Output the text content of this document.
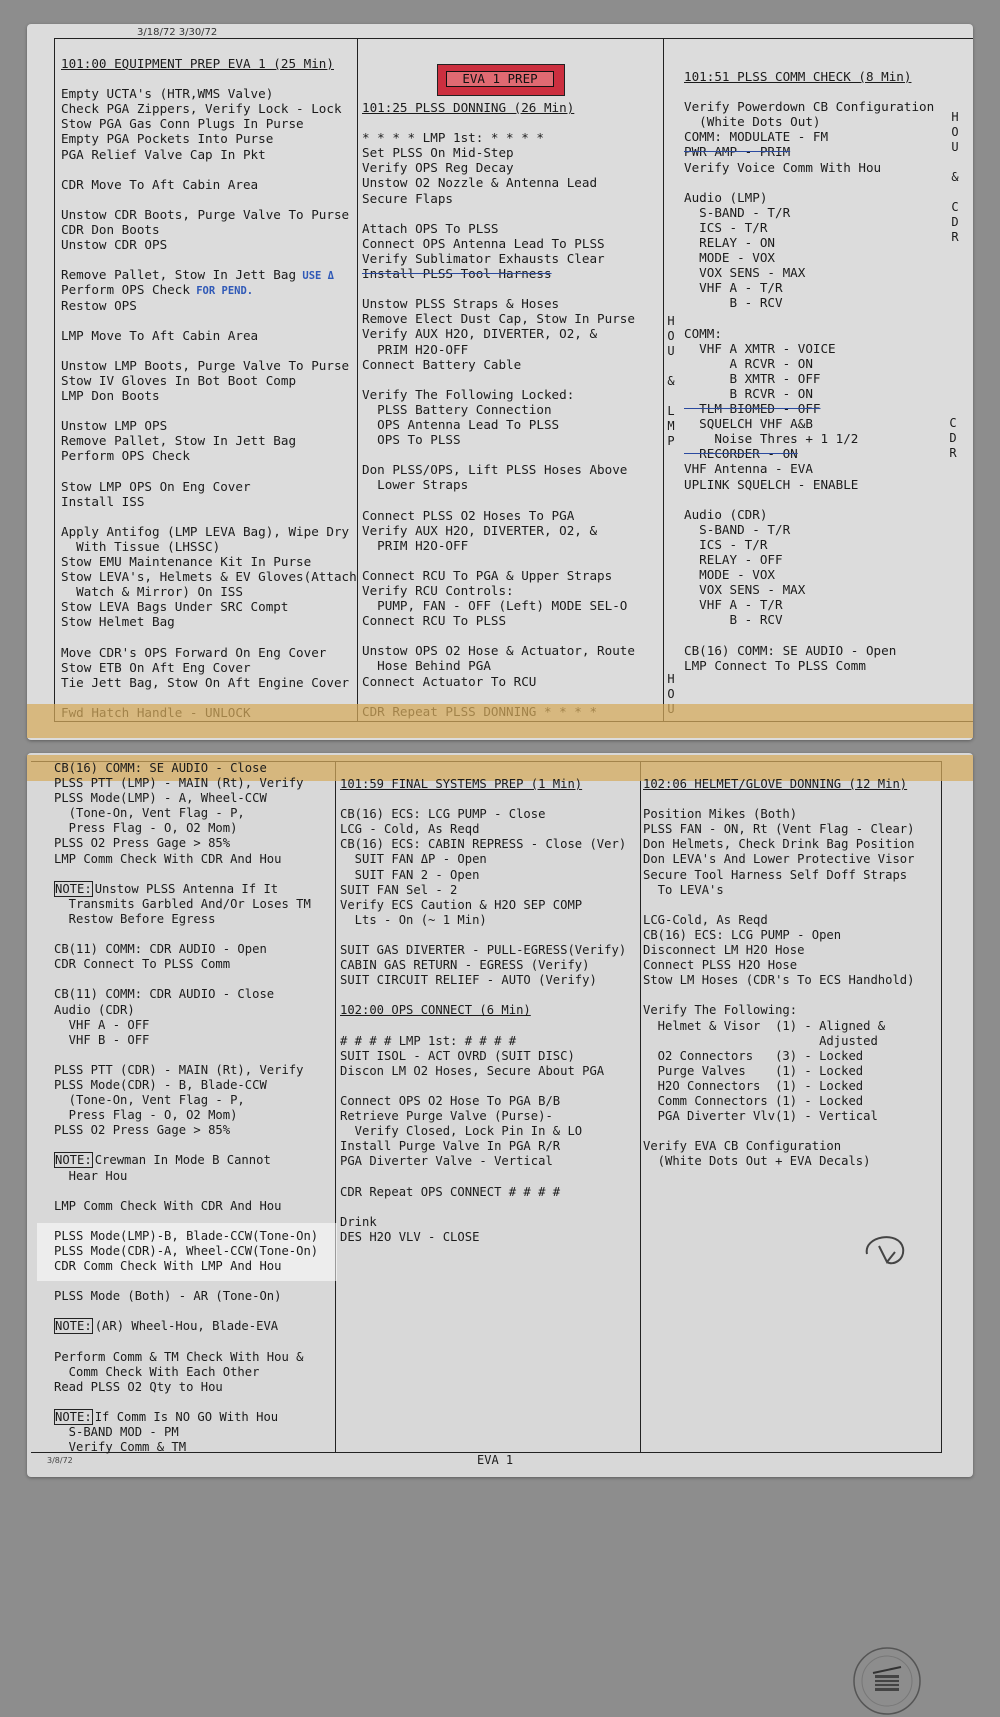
3/18/72 3/30/72
EVA 1 PREP
101:00 EQUIPMENT PREP EVA 1 (25 Min)
Empty UCTA's (HTR,WMS Valve)
Check PGA Zippers, Verify Lock - Lock
Stow PGA Gas Conn Plugs In Purse
Empty PGA Pockets Into Purse
PGA Relief Valve Cap In Pkt
CDR Move To Aft Cabin Area
Unstow CDR Boots, Purge Valve To Purse
CDR Don Boots
Unstow CDR OPS
Remove Pallet, Stow In Jett Bag USE Δ
Perform OPS Check FOR PEND.
Restow OPS
LMP Move To Aft Cabin Area
Unstow LMP Boots, Purge Valve To Purse
Stow IV Gloves In Bot Boot Comp
LMP Don Boots
Unstow LMP OPS
Remove Pallet, Stow In Jett Bag
Perform OPS Check
Stow LMP OPS On Eng Cover
Install ISS
Apply Antifog (LMP LEVA Bag), Wipe Dry
With Tissue (LHSSC)
Stow EMU Maintenance Kit In Purse
Stow LEVA's, Helmets & EV Gloves(Attach
Watch & Mirror) On ISS
Stow LEVA Bags Under SRC Compt
Stow Helmet Bag
Move CDR's OPS Forward On Eng Cover
Stow ETB On Aft Eng Cover
Tie Jett Bag, Stow On Aft Engine Cover
101:25 PLSS DONNING (26 Min)
* * * * LMP 1st: * * * *
Set PLSS On Mid-Step
Verify OPS Reg Decay
Unstow O2 Nozzle & Antenna Lead
Secure Flaps
Attach OPS To PLSS
Connect OPS Antenna Lead To PLSS
Verify Sublimator Exhausts Clear
Install PLSS Tool Harness
Unstow PLSS Straps & Hoses
Remove Elect Dust Cap, Stow In Purse
Verify AUX H2O, DIVERTER, O2, &
PRIM H2O-OFF
Connect Battery Cable
Verify The Following Locked:
PLSS Battery Connection
OPS Antenna Lead To PLSS
OPS To PLSS
Don PLSS/OPS, Lift PLSS Hoses Above
Lower Straps
Connect PLSS O2 Hoses To PGA
Verify AUX H2O, DIVERTER, O2, &
PRIM H2O-OFF
Connect RCU To PGA & Upper Straps
Verify RCU Controls:
PUMP, FAN - OFF (Left) MODE SEL-O
Connect RCU To PLSS
Unstow OPS O2 Hose & Actuator, Route
Hose Behind PGA
Connect Actuator To RCU
101:51 PLSS COMM CHECK (8 Min)
Verify Powerdown CB Configuration
(White Dots Out)
COMM: MODULATE - FM
PWR AMP - PRIM
Verify Voice Comm With Hou
Audio (LMP)
S-BAND - T/R
ICS - T/R
RELAY - ON
MODE - VOX
VOX SENS - MAX
VHF A - T/R
B - RCV
COMM:
VHF A XMTR - VOICE
A RCVR - ON
B XMTR - OFF
B RCVR - ON
TLM BIOMED - OFF
SQUELCH VHF A&B
Noise Thres + 1 1/2
RECORDER - ON
VHF Antenna - EVA
UPLINK SQUELCH - ENABLE
Audio (CDR)
S-BAND - T/R
ICS - T/R
RELAY - OFF
MODE - VOX
VOX SENS - MAX
VHF A - T/R
B - RCV
CB(16) COMM: SE AUDIO - Open
LMP Connect To PLSS Comm
H
O
U

&

C
D
R
H
O
U

&

L
M
P
C
D
R
H
O

CB(16) COMM: SE AUDIO - Close
PLSS PTT (LMP) - MAIN (Rt), Verify
PLSS Mode(LMP) - A, Wheel-CCW
(Tone-On, Vent Flag - P,
Press Flag - O, O2 Mom)
PLSS O2 Press Gage > 85%
LMP Comm Check With CDR And Hou
NOTE: Unstow PLSS Antenna If It
Transmits Garbled And/Or Loses TM
Restow Before Egress
CB(11) COMM: CDR AUDIO - Open
CDR Connect To PLSS Comm
CB(11) COMM: CDR AUDIO - Close
Audio (CDR)
VHF A - OFF
VHF B - OFF
PLSS PTT (CDR) - MAIN (Rt), Verify
PLSS Mode(CDR) - B, Blade-CCW
(Tone-On, Vent Flag - P,
Press Flag - O, O2 Mom)
PLSS O2 Press Gage > 85%
NOTE: Crewman In Mode B Cannot
Hear Hou
LMP Comm Check With CDR And Hou
PLSS Mode(LMP)-B, Blade-CCW(Tone-On)
PLSS Mode(CDR)-A, Wheel-CCW(Tone-On)
CDR Comm Check With LMP And Hou
PLSS Mode (Both) - AR (Tone-On)
NOTE: (AR) Wheel-Hou, Blade-EVA
Perform Comm & TM Check With Hou &
Comm Check With Each Other
Read PLSS O2 Qty to Hou
NOTE: If Comm Is NO GO With Hou
S-BAND MOD - PM
Verify Comm & TM
101:59 FINAL SYSTEMS PREP (1 Min)
CB(16) ECS: LCG PUMP - Close
LCG - Cold, As Reqd
CB(16) ECS: CABIN REPRESS - Close (Ver)
SUIT FAN ΔP - Open
SUIT FAN 2 - Open
SUIT FAN Sel - 2
Verify ECS Caution & H2O SEP COMP
Lts - On (~ 1 Min)
SUIT GAS DIVERTER - PULL-EGRESS(Verify)
CABIN GAS RETURN - EGRESS (Verify)
SUIT CIRCUIT RELIEF - AUTO (Verify)
102:00 OPS CONNECT (6 Min)
# # # # LMP 1st: # # # #
SUIT ISOL - ACT OVRD (SUIT DISC)
Discon LM O2 Hoses, Secure About PGA
Connect OPS O2 Hose To PGA B/B
Retrieve Purge Valve (Purse)-
Verify Closed, Lock Pin In & LO
Install Purge Valve In PGA R/R
PGA Diverter Valve - Vertical
CDR Repeat OPS CONNECT # # # #
Drink
DES H2O VLV - CLOSE
102:06 HELMET/GLOVE DONNING (12 Min)
Position Mikes (Both)
PLSS FAN - ON, Rt (Vent Flag - Clear)
Don Helmets, Check Drink Bag Position
Don LEVA's And Lower Protective Visor
Secure Tool Harness Self Doff Straps
To LEVA's
LCG-Cold, As Reqd
CB(16) ECS: LCG PUMP - Open
Disconnect LM H2O Hose
Connect PLSS H2O Hose
Stow LM Hoses (CDR's To ECS Handhold)
Verify The Following:
Helmet & Visor  (1) - Aligned &
Adjusted
O2 Connectors   (3) - Locked
Purge Valves    (1) - Locked
H2O Connectors  (1) - Locked
Comm Connectors (1) - Locked
PGA Diverter Vlv(1) - Vertical
Verify EVA CB Configuration
(White Dots Out + EVA Decals)
3/8/72	EVA 1
